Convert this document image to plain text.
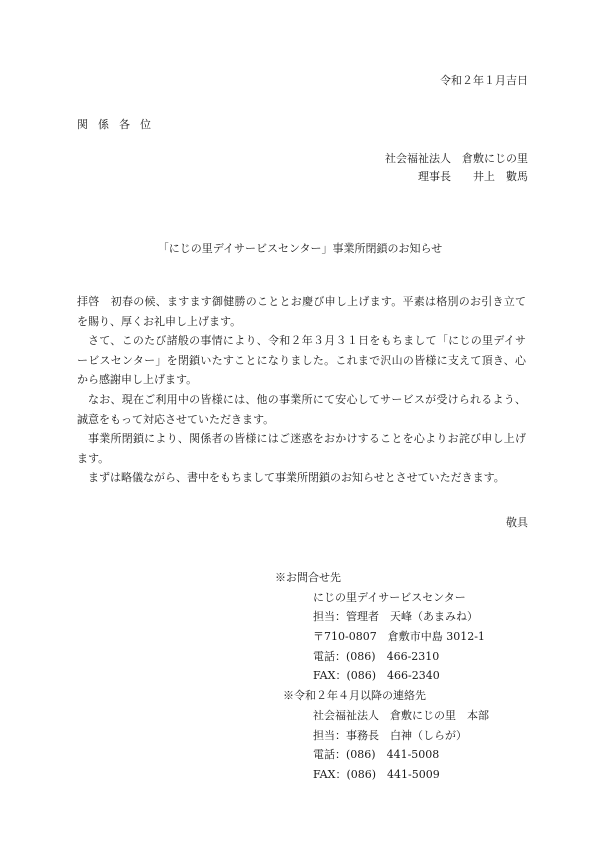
令和２年１月吉日
関係各位
社会福祉法人　倉敷にじの里
理事長　　井上　數馬
「にじの里デイサービスセンター」事業所閉鎖のお知らせ

拝啓　初春の候、ますます御健勝のこととお慶び申し上げます。平素は格別のお引き立てを賜り、厚くお礼申し上げます。

さて、このたび諸般の事情により、令和２年３月３１日をもちまして「にじの里デイサービスセンター」を閉鎖いたすことになりました。これまで沢山の皆様に支えて頂き、心から感謝申し上げます。

なお、現在ご利用中の皆様には、他の事業所にて安心してサービスが受けられるよう、誠意をもって対応させていただきます。

事業所閉鎖により、関係者の皆様にはご迷惑をおかけすることを心よりお詫び申し上げます。

まずは略儀ながら、書中をもちまして事業所閉鎖のお知らせとさせていただきます。

敬具
※お問合せ先
にじの里デイサービスセンター
担当：管理者　天峰（あまみね）
〒710-0807　倉敷市中島 3012-1
電話：(086)　466-2310
FAX：(086)　466-2340
※令和２年４月以降の連絡先
社会福祉法人　倉敷にじの里　本部
担当：事務長　白神（しらが）
電話：(086)　441-5008
FAX：(086)　441-5009
